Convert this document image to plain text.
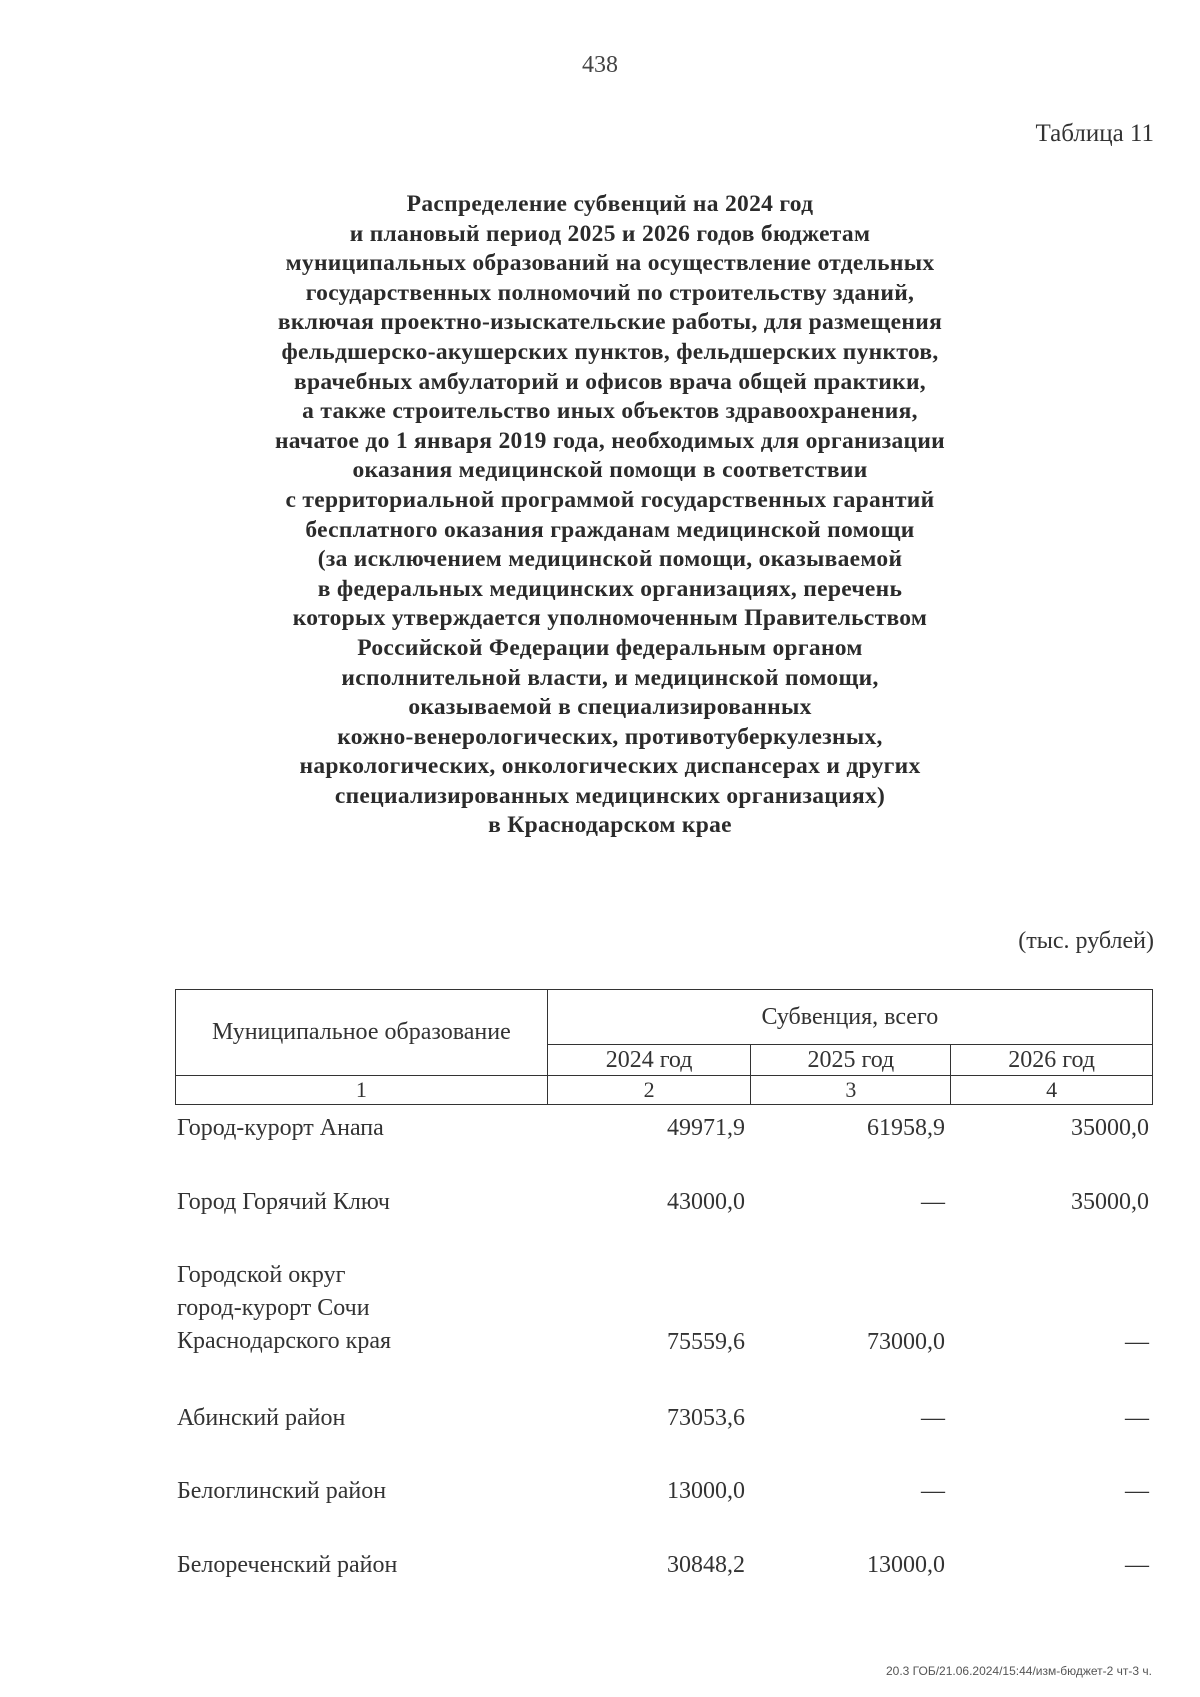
438
Таблица 11
Распределение субвенций на 2024 год
и плановый период 2025 и 2026 годов бюджетам
муниципальных образований на осуществление отдельных
государственных полномочий по строительству зданий,
включая проектно-изыскательские работы, для размещения
фельдшерско-акушерских пунктов, фельдшерских пунктов,
врачебных амбулаторий и офисов врача общей практики,
а также строительство иных объектов здравоохранения,
начатое до 1 января 2019 года, необходимых для организации
оказания медицинской помощи в соответствии
с территориальной программой государственных гарантий
бесплатного оказания гражданам медицинской помощи
(за исключением медицинской помощи, оказываемой
в федеральных медицинских организациях, перечень
которых утверждается уполномоченным Правительством
Российской Федерации федеральным органом
исполнительной власти, и медицинской помощи,
оказываемой в специализированных
кожно-венерологических, противотуберкулезных,
наркологических, онкологических диспансерах и других
специализированных медицинских организациях)
в Краснодарском крае
(тыс. рублей)
Муниципальное образование	Субвенция, всего		
	2024 год	2025 год	2026 год
1	2	3	4
Город-курорт Анапа	49971,9	61958,9	35000,0
Город Горячий Ключ	43000,0	—	35000,0
Городской округ
город-курорт Сочи
Краснодарского края	75559,6	73000,0	—
Абинский район	73053,6	—	—
Белоглинский район	13000,0	—	—
Белореченский район	30848,2	13000,0	—
20.3 ГОБ/21.06.2024/15:44/изм-бюджет-2 чт-3 ч.
